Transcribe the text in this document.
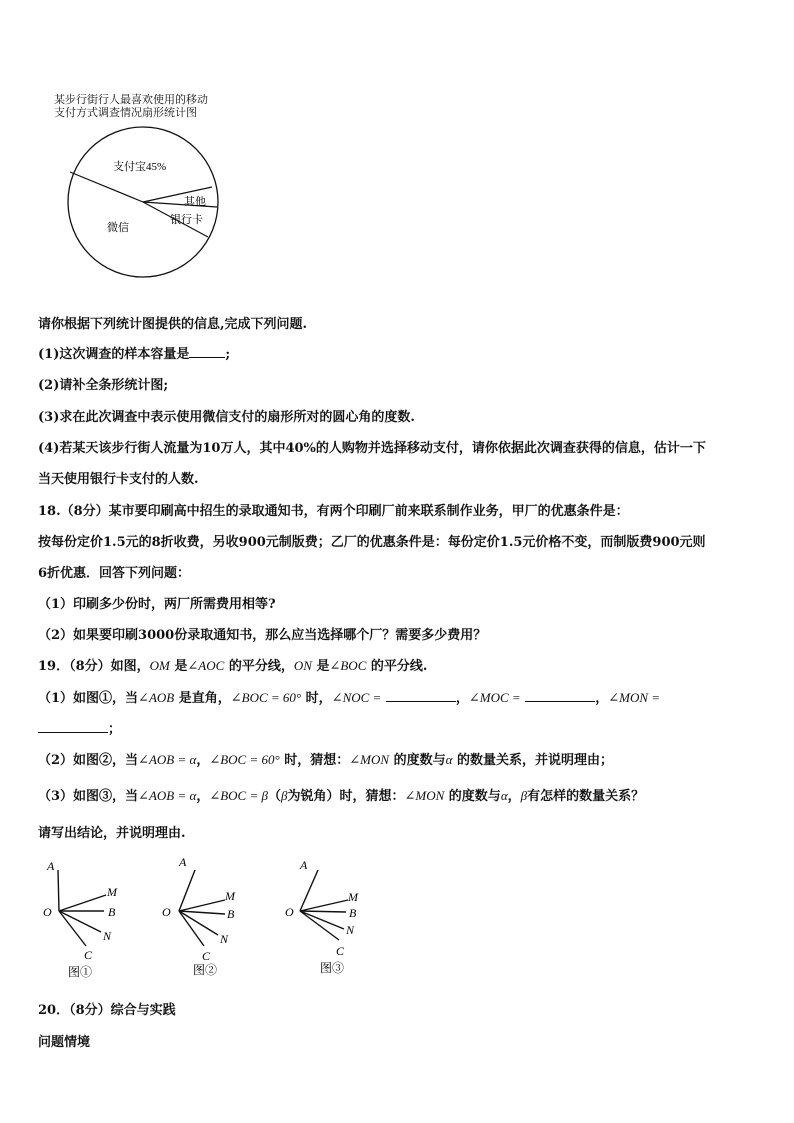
某步行街行人最喜欢使用的移动
支付方式调查情况扇形统计图
支付宝45%
其他
银行卡
微信
请你根据下列统计图提供的信息,完成下列问题.
(1)这次调查的样本容量是	;
(2)请补全条形统计图;
(3)求在此次调查中表示使用微信支付的扇形所对的圆心角的度数.
(4)若某天该步行街人流量为10万人，其中40%的人购物并选择移动支付，请你依据此次调查获得的信息，估计一下
当天使用银行卡支付的人数.
18.（8分）某市要印刷高中招生的录取通知书，有两个印刷厂前来联系制作业务，甲厂的优惠条件是：
按每份定价1.5元的8折收费，另收900元制版费；乙厂的优惠条件是：每份定价1.5元价格不变，而制版费900元则
6折优惠．回答下列问题：
（1）印刷多少份时，两厂所需费用相等?
（2）如果要印刷3000份录取通知书，那么应当选择哪个厂？需要多少费用？
19．（8分）如图，OM 是∠AOC 的平分线，ON 是∠BOC 的平分线.
（1）如图①，当∠AOB 是直角，∠BOC = 60° 时，∠NOC =	，∠MOC =	，∠MON =
；
（2）如图②，当∠AOB = α，∠BOC = 60° 时，猜想：∠MON 的度数与α 的数量关系，并说明理由；
（3）如图③，当∠AOB = α，∠BOC = β（β为锐角）时，猜想：∠MON 的度数与α，β有怎样的数量关系？
请写出结论，并说明理由.
A
O
M
B
N
C
图①
A
O
M
B
N
C
图②
A
O
M
B
N
C
图③
20．（8分）综合与实践
问题情境
